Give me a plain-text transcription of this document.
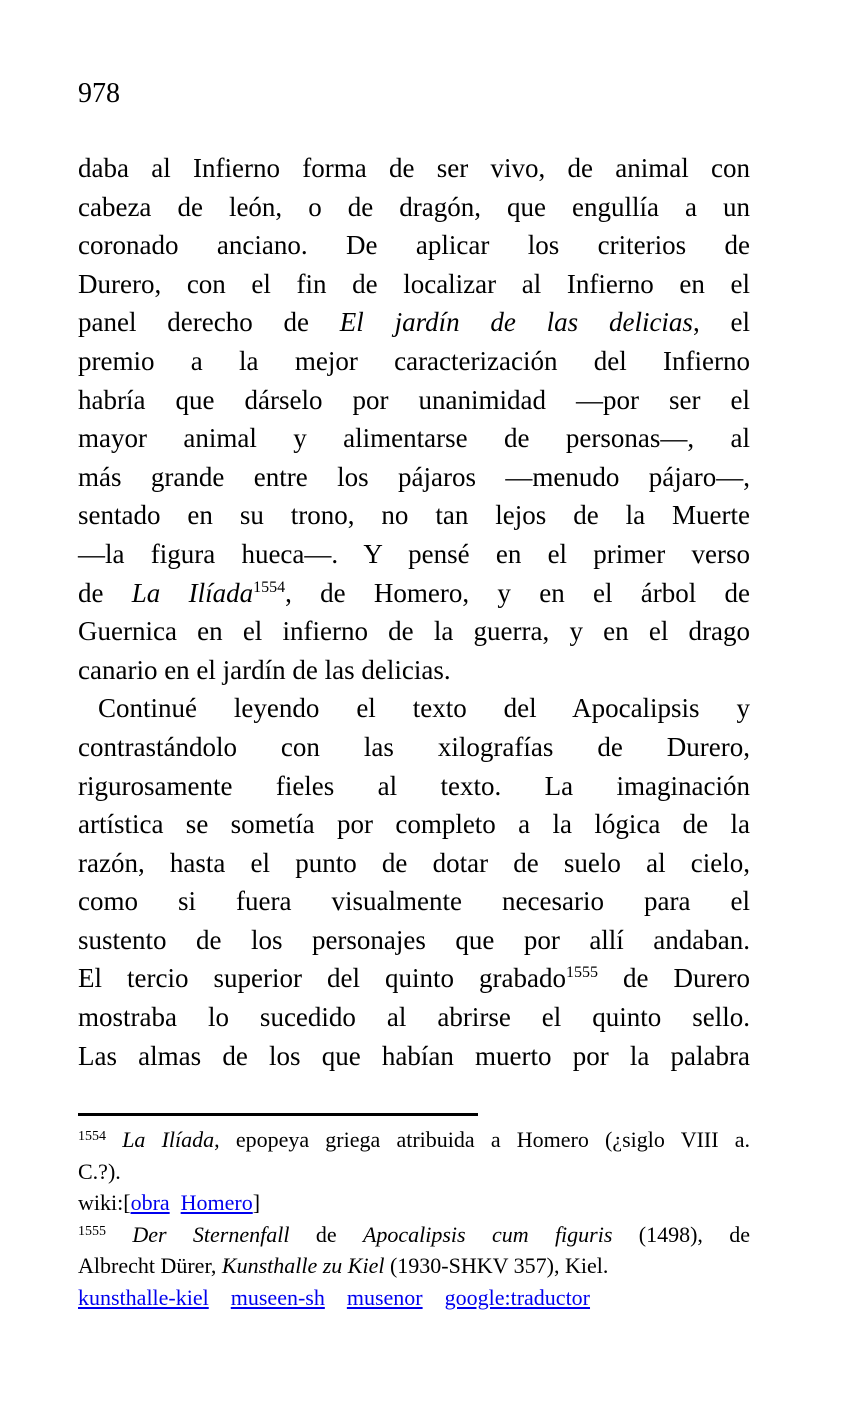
978
daba al Infierno forma de ser vivo, de animal con
cabeza de león, o de dragón, que engullía a un
coronado anciano. De aplicar los criterios de
Durero, con el fin de localizar al Infierno en el
panel derecho de El jardín de las delicias, el
premio a la mejor caracterización del Infierno
habría que dárselo por unanimidad —por ser el
mayor animal y alimentarse de personas—, al
más grande entre los pájaros —menudo pájaro—,
sentado en su trono, no tan lejos de la Muerte
—la figura hueca—. Y pensé en el primer verso
de La Ilíada$^{1554}$, de Homero, y en el árbol de
Guernica en el infierno de la guerra, y en el drago
canario en el jardín de las delicias.
Continué leyendo el texto del Apocalipsis y
contrastándolo con las xilografías de Durero,
rigurosamente fieles al texto. La imaginación
artística se sometía por completo a la lógica de la
razón, hasta el punto de dotar de suelo al cielo,
como si fuera visualmente necesario para el
sustento de los personajes que por allí andaban.
El tercio superior del quinto grabado$^{1555}$ de Durero
mostraba lo sucedido al abrirse el quinto sello.
Las almas de los que habían muerto por la palabra
$^{1554}$ La Ilíada, epopeya griega atribuida a Homero (¿siglo VIII a.
C.?).
wiki:[obra Homero]
$^{1555}$ Der Sternenfall de Apocalipsis cum figuris (1498), de
Albrecht Dürer, Kunsthalle zu Kiel (1930-SHKV 357), Kiel.
kunsthalle-kiel museen-sh musenor google:traductor
